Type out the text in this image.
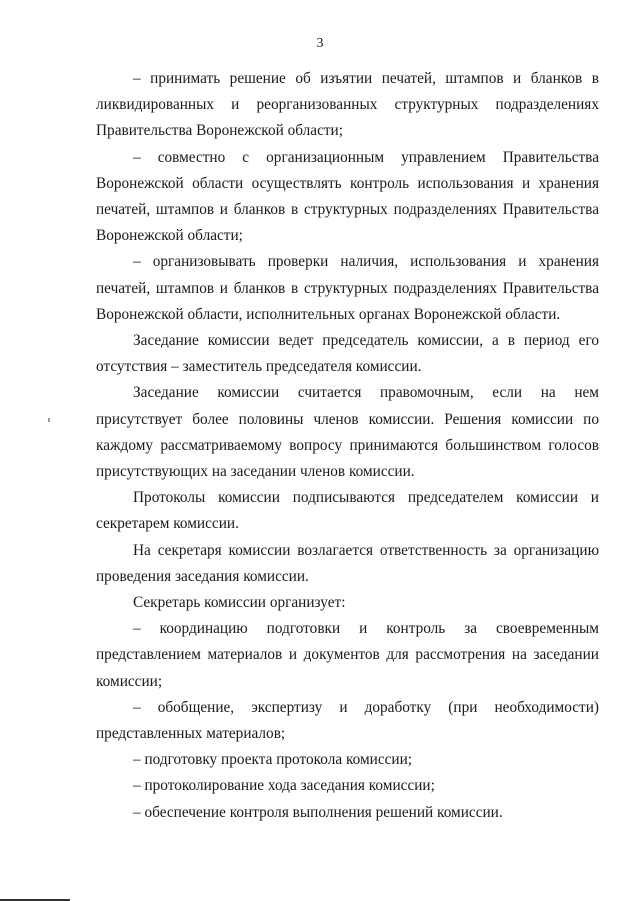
3

– принимать решение об изъятии печатей, штампов и бланков в ликвидированных и реорганизованных структурных подразделениях Правительства Воронежской области;

– совместно с организационным управлением Правительства Воронежской области осуществлять контроль использования и хранения печатей, штампов и бланков в структурных подразделениях Правительства Воронежской области;

– организовывать проверки наличия, использования и хранения печатей, штампов и бланков в структурных подразделениях Правительства Воронежской области, исполнительных органах Воронежской области.

Заседание комиссии ведет председатель комиссии, а в период его отсутствия – заместитель председателя комиссии.

Заседание комиссии считается правомочным, если на нем присутствует более половины членов комиссии. Решения комиссии по каждому рассматриваемому вопросу принимаются большинством голосов присутствующих на заседании членов комиссии.

Протоколы комиссии подписываются председателем комиссии и секретарем комиссии.

На секретаря комиссии возлагается ответственность за организацию проведения заседания комиссии.

Секретарь комиссии организует:

– координацию подготовки и контроль за своевременным представлением материалов и документов для рассмотрения на заседании комиссии;

– обобщение, экспертизу и доработку (при необходимости) представленных материалов;

– подготовку проекта протокола комиссии;

– протоколирование хода заседания комиссии;

– обеспечение контроля выполнения решений комиссии.
